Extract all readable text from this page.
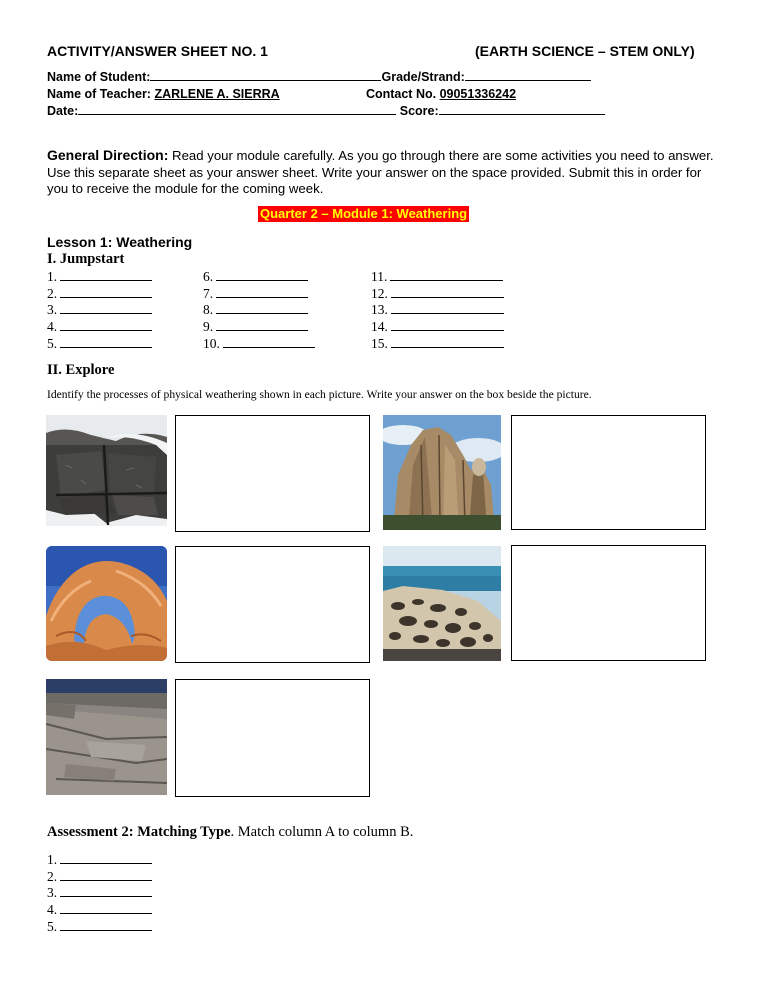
ACTIVITY/ANSWER SHEET NO. 1	(EARTH SCIENCE – STEM ONLY)
Name of Student:	Grade/Strand:
Name of Teacher: ZARLENE A. SIERRA	Contact No. 09051336242
Date:	Score:
General Direction: Read your module carefully. As you go through there are some activities you need to answer. Use this separate sheet as your answer sheet. Write your answer on the space provided. Submit this in order for you to receive the module for the coming week.
Quarter 2 – Module 1: Weathering
Lesson 1: Weathering
I. Jumpstart
1.
2.
3.
4.
5.
6.
7.
8.
9.
10.
11.
12.
13.
14.
15.
II. Explore
Identify the processes of physical weathering shown in each picture. Write your answer on the box beside the picture.
Assessment 2: Matching Type. Match column A to column B.
1.
2.
3.
4.
5.
